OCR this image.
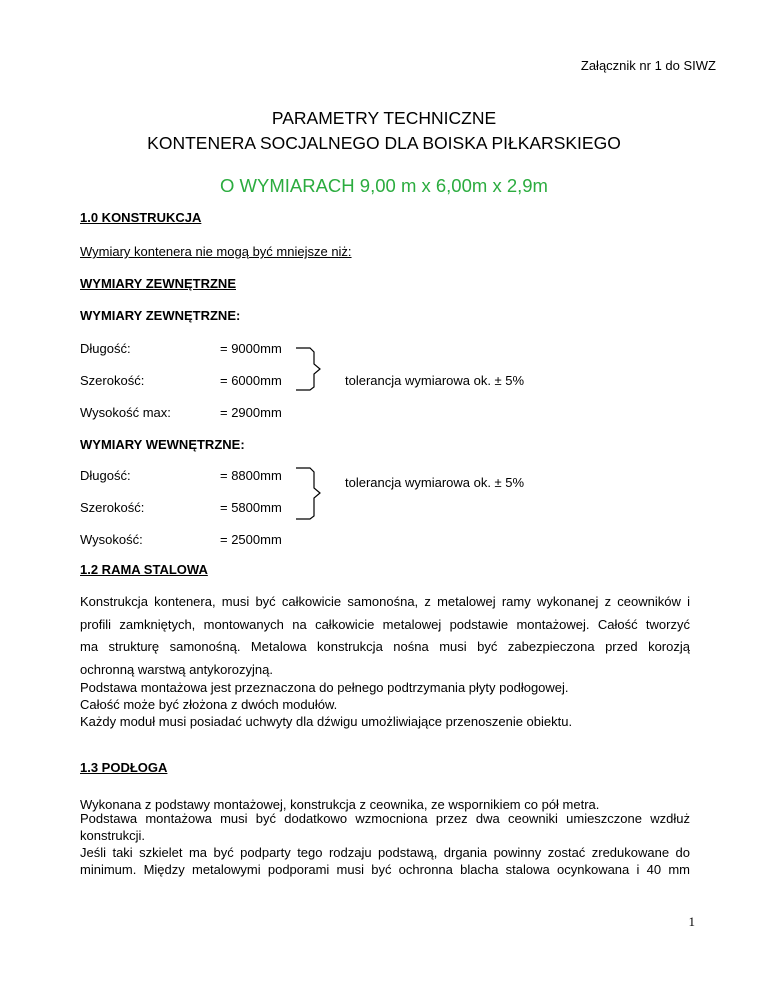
Załącznik nr 1 do SIWZ
PARAMETRY TECHNICZNE
KONTENERA SOCJALNEGO DLA BOISKA PIŁKARSKIEGO
O WYMIARACH 9,00 m x 6,00m x 2,9m
1.0 KONSTRUKCJA
Wymiary kontenera nie mogą być mniejsze niż:
WYMIARY ZEWNĘTRZNE
WYMIARY ZEWNĘTRZNE:
Długość:	= 9000mm
Szerokość:	= 6000mm
Wysokość max:	= 2900mm
tolerancja wymiarowa ok. ± 5%
WYMIARY WEWNĘTRZNE:
Długość:	= 8800mm
Szerokość:	= 5800mm
Wysokość:	= 2500mm
tolerancja wymiarowa ok. ± 5%
1.2 RAMA STALOWA
Konstrukcja kontenera, musi być całkowicie samonośna, z metalowej ramy wykonanej z ceowników i
profili zamkniętych, montowanych na całkowicie metalowej podstawie montażowej. Całość tworzyć
ma strukturę samonośną. Metalowa konstrukcja nośna musi być zabezpieczona przed korozją
ochronną warstwą antykorozyjną.
Podstawa montażowa jest przeznaczona do pełnego podtrzymania płyty podłogowej.
Całość może być złożona z dwóch modułów.
Każdy moduł musi posiadać uchwyty dla dźwigu umożliwiające przenoszenie obiektu.
1.3 PODŁOGA
Wykonana z podstawy montażowej, konstrukcja z ceownika, ze wspornikiem co pół metra.
Podstawa montażowa musi być dodatkowo wzmocniona przez dwa ceowniki umieszczone wzdłuż
konstrukcji.
Jeśli taki szkielet ma być podparty tego rodzaju podstawą, drgania powinny zostać zredukowane do
minimum. Między metalowymi podporami musi być ochronna blacha stalowa ocynkowana i 40 mm
1
